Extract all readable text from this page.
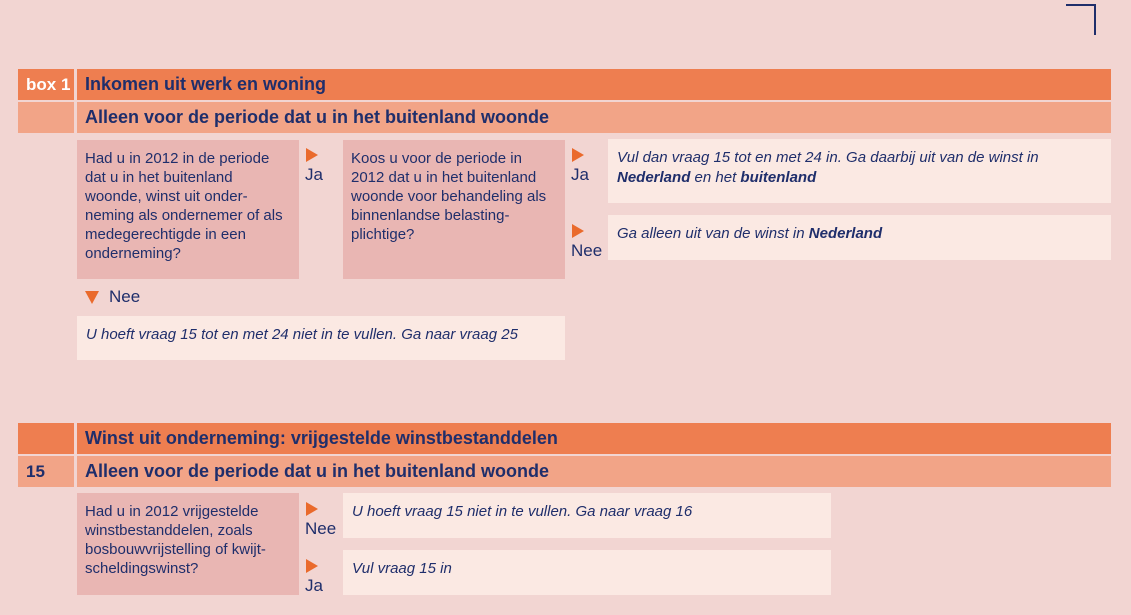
box 1 Inkomen uit werk en woning
Alleen voor de periode dat u in het buitenland woonde
Had u in 2012 in de periode dat u in het buitenland woonde, winst uit onder-neming als ondernemer of als medegerechtigde in een onderneming?
Ja
Koos u voor de periode in 2012 dat u in het buitenland woonde voor behandeling als binnenlandse belasting-plichtige?
Ja
Nee
Vul dan vraag 15 tot en met 24 in. Ga daarbij uit van de winst in Nederland en het buitenland
Ga alleen uit van de winst in Nederland
Nee
U hoeft vraag 15 tot en met 24 niet in te vullen. Ga naar vraag 25
Winst uit onderneming: vrijgestelde winstbestanddelen
15	Alleen voor de periode dat u in het buitenland woonde
Had u in 2012 vrijgestelde winstbestanddelen, zoals bosbouwvrijstelling of kwijt-scheldingswinst?
Nee
Ja
U hoeft vraag 15 niet in te vullen. Ga naar vraag 16
Vul vraag 15 in
